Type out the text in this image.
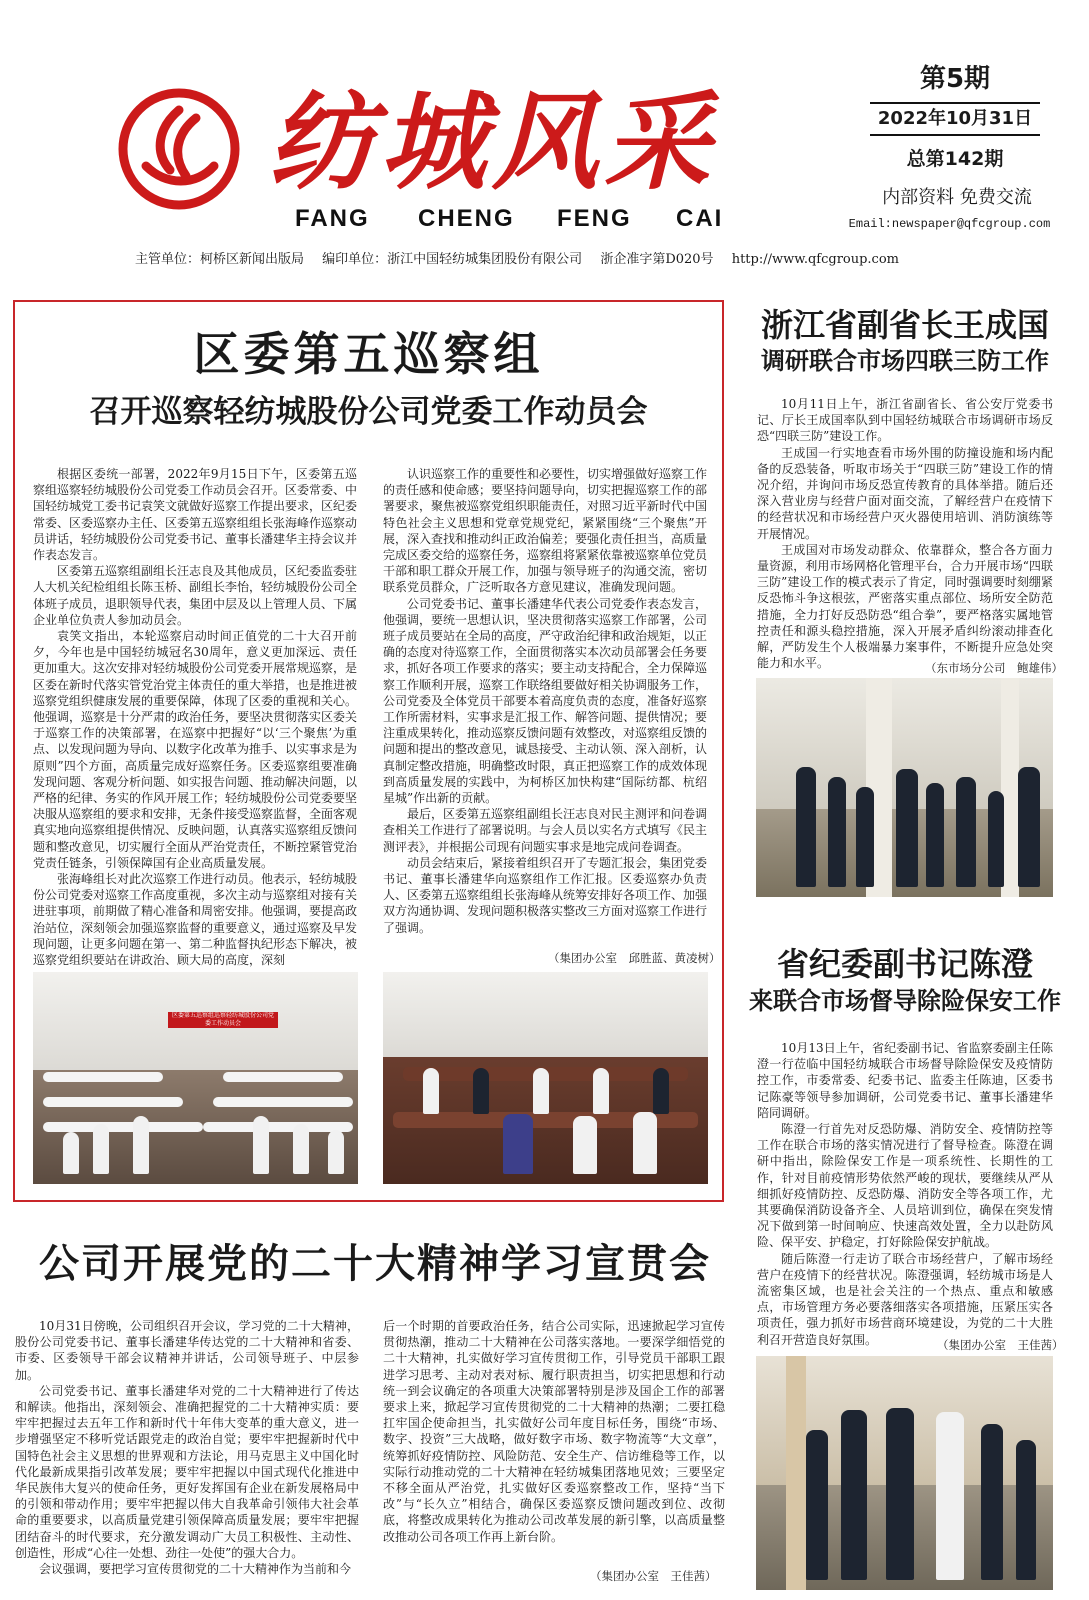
纺城风采
FANG CHENG FENG CAI
第5期
2022年10月31日
总第142期
内部资料 免费交流
Email:newspaper@qfcgroup.com
主管单位：柯桥区新闻出版局 编印单位：浙江中国轻纺城集团股份有限公司 浙企准字第D020号 http://www.qfcgroup.com
区委第五巡察组
召开巡察轻纺城股份公司党委工作动员会

根据区委统一部署，2022年9月15日下午，区委第五巡察组巡察轻纺城股份公司党委工作动员会召开。区委常委、中国轻纺城党工委书记袁笑文就做好巡察工作提出要求，区纪委常委、区委巡察办主任、区委第五巡察组组长张海峰作巡察动员讲话，轻纺城股份公司党委书记、董事长潘建华主持会议并作表态发言。

区委第五巡察组副组长汪志良及其他成员，区纪委监委驻人大机关纪检组组长陈玉桥、副组长李怡，轻纺城股份公司全体班子成员，退职领导代表，集团中层及以上管理人员、下属企业单位负责人参加动员会。

袁笑文指出，本轮巡察启动时间正值党的二十大召开前夕，今年也是中国轻纺城冠名30周年，意义更加深远、责任更加重大。这次安排对轻纺城股份公司党委开展常规巡察，是区委在新时代落实管党治党主体责任的重大举措，也是推进被巡察党组织健康发展的重要保障，体现了区委的重视和关心。他强调，巡察是十分严肃的政治任务，要坚决贯彻落实区委关于巡察工作的决策部署，在巡察中把握好“以‘三个聚焦’为重点、以发现问题为导向、以数字化改革为推手、以实事求是为原则”四个方面，高质量完成好巡察任务。区委巡察组要准确发现问题、客观分析问题、如实报告问题、推动解决问题，以严格的纪律、务实的作风开展工作；轻纺城股份公司党委要坚决服从巡察组的要求和安排，无条件接受巡察监督，全面客观真实地向巡察组提供情况、反映问题，认真落实巡察组反馈问题和整改意见，切实履行全面从严治党责任，不断控紧管党治党责任链条，引领保障国有企业高质量发展。

张海峰组长对此次巡察工作进行动员。他表示，轻纺城股份公司党委对巡察工作高度重视，多次主动与巡察组对接有关进驻事项，前期做了精心准备和周密安排。他强调，要提高政治站位，深刻领会加强巡察监督的重要意义，通过巡察及早发现问题，让更多问题在第一、第二种监督执纪形态下解决，被巡察党组织要站在讲政治、顾大局的高度，深刻

认识巡察工作的重要性和必要性，切实增强做好巡察工作的责任感和使命感；要坚持问题导向，切实把握巡察工作的部署要求，聚焦被巡察党组织职能责任，对照习近平新时代中国特色社会主义思想和党章党规党纪，紧紧围绕“三个聚焦”开展，深入查找和推动纠正政治偏差；要强化责任担当，高质量完成区委交给的巡察任务，巡察组将紧紧依靠被巡察单位党员干部和职工群众开展工作，加强与领导班子的沟通交流，密切联系党员群众，广泛听取各方意见建议，准确发现问题。

公司党委书记、董事长潘建华代表公司党委作表态发言，他强调，要统一思想认识，坚决贯彻落实巡察工作部署，公司班子成员要站在全局的高度，严守政治纪律和政治规矩，以正确的态度对待巡察工作，全面贯彻落实本次动员部署会任务要求，抓好各项工作要求的落实；要主动支持配合，全力保障巡察工作顺利开展，巡察工作联络组要做好相关协调服务工作，公司党委及全体党员干部要本着高度负责的态度，准备好巡察工作所需材料，实事求是汇报工作、解答问题、提供情况；要注重成果转化，推动巡察反馈问题有效整改，对巡察组反馈的问题和提出的整改意见，诚恳接受、主动认领、深入剖析，认真制定整改措施，明确整改时限，真正把巡察工作的成效体现到高质量发展的实践中，为柯桥区加快构建“国际纺都、杭绍星城”作出新的贡献。

最后，区委第五巡察组副组长汪志良对民主测评和问卷调查相关工作进行了部署说明。与会人员以实名方式填写《民主测评表》，并根据公司现有问题实事求是地完成问卷调查。

动员会结束后，紧接着组织召开了专题汇报会，集团党委书记、董事长潘建华向巡察组作工作汇报。区委巡察办负责人、区委第五巡察组组长张海峰从统筹安排好各项工作、加强双方沟通协调、发现问题积极落实整改三方面对巡察工作进行了强调。

（集团办公室　邱胜蓝、黄凌树）
区委第五巡察组巡察轻纺城股份公司党委工作动员会
浙江省副省长王成国
调研联合市场四联三防工作

10月11日上午，浙江省副省长、省公安厅党委书记、厅长王成国率队到中国轻纺城联合市场调研市场反恐“四联三防”建设工作。

王成国一行实地查看市场外围的防撞设施和场内配备的反恐装备，听取市场关于“四联三防”建设工作的情况介绍，并询问市场反恐宣传教育的具体举措。随后还深入营业房与经营户面对面交流，了解经营户在疫情下的经营状况和市场经营户灭火器使用培训、消防演练等开展情况。

王成国对市场发动群众、依靠群众，整合各方面力量资源，利用市场网格化管理平台，合力开展市场“四联三防”建设工作的模式表示了肯定，同时强调要时刻绷紧反恐怖斗争这根弦，严密落实重点部位、场所安全防范措施，全力打好反恐防恐“组合拳”，要严格落实属地管控责任和源头稳控措施，深入开展矛盾纠纷滚动排查化解，严防发生个人极端暴力案事件，不断提升应急处突能力和水平。	（东市场分公司　鲍雄伟）
省纪委副书记陈澄
来联合市场督导除险保安工作

10月13日上午，省纪委副书记、省监察委副主任陈澄一行莅临中国轻纺城联合市场督导除险保安及疫情防控工作，市委常委、纪委书记、监委主任陈迪，区委书记陈豪等领导参加调研，公司党委书记、董事长潘建华陪同调研。

陈澄一行首先对反恐防爆、消防安全、疫情防控等工作在联合市场的落实情况进行了督导检查。陈澄在调研中指出，除险保安工作是一项系统性、长期性的工作，针对目前疫情形势依然严峻的现状，要继续从严从细抓好疫情防控、反恐防爆、消防安全等各项工作，尤其要确保消防设备齐全、人员培训到位，确保在突发情况下做到第一时间响应、快速高效处置，全力以赴防风险、保平安、护稳定，打好除险保安护航战。

随后陈澄一行走访了联合市场经营户，了解市场经营户在疫情下的经营状况。陈澄强调，轻纺城市场是人流密集区域，也是社会关注的一个热点、重点和敏感点，市场管理方务必要落细落实各项措施，压紧压实各项责任，强力抓好市场营商环境建设，为党的二十大胜利召开营造良好氛围。	（集团办公室　王佳茜）
公司开展党的二十大精神学习宣贯会

10月31日傍晚，公司组织召开会议，学习党的二十大精神，股份公司党委书记、董事长潘建华传达党的二十大精神和省委、市委、区委领导干部会议精神并讲话，公司领导班子、中层参加。

公司党委书记、董事长潘建华对党的二十大精神进行了传达和解读。他指出，深刻领会、准确把握党的二十大精神实质：要牢牢把握过去五年工作和新时代十年伟大变革的重大意义，进一步增强坚定不移听党话跟党走的政治自觉；要牢牢把握新时代中国特色社会主义思想的世界观和方法论，用马克思主义中国化时代化最新成果指引改革发展；要牢牢把握以中国式现代化推进中华民族伟大复兴的使命任务，更好发挥国有企业在新发展格局中的引领和带动作用；要牢牢把握以伟大自我革命引领伟大社会革命的重要要求，以高质量党建引领保障高质量发展；要牢牢把握团结奋斗的时代要求，充分激发调动广大员工积极性、主动性、创造性，形成“心往一处想、劲往一处使”的强大合力。

会议强调，要把学习宣传贯彻党的二十大精神作为当前和今

后一个时期的首要政治任务，结合公司实际，迅速掀起学习宣传贯彻热潮，推动二十大精神在公司落实落地。一要深学细悟党的二十大精神，扎实做好学习宣传贯彻工作，引导党员干部职工跟进学习思考、主动对表对标、履行职责担当，切实把思想和行动统一到会议确定的各项重大决策部署特别是涉及国企工作的部署要求上来，掀起学习宣传贯彻党的二十大精神的热潮；二要扛稳扛牢国企使命担当，扎实做好公司年度目标任务，围绕“市场、数字、投资”三大战略，做好数字市场、数字物流等“大文章”，统筹抓好疫情防控、风险防范、安全生产、信访维稳等工作，以实际行动推动党的二十大精神在轻纺城集团落地见效；三要坚定不移全面从严治党，扎实做好区委巡察整改工作，坚持“当下改”与“长久立”相结合，确保区委巡察反馈问题改到位、改彻底，将整改成果转化为推动公司改革发展的新引擎，以高质量整改推动公司各项工作再上新台阶。

（集团办公室　王佳茜）
